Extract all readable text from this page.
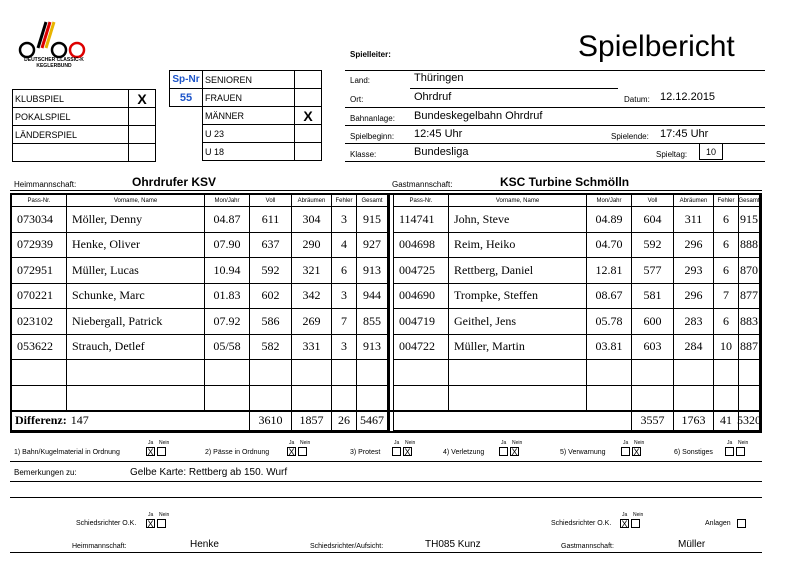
DEUTSCHER CLASSIC-K
KEGLERBUND
Spielbericht
Spielleiter:
Land:	Thüringen
Ort:	Ohrdruf	Datum: 12.12.2015
Bahnanlage: Bundeskegelbahn Ohrdruf
Spielbeginn: 12:45 Uhr	Spielende: 17:45 Uhr
Klasse:	Bundesliga	Spieltag:	10
KLUBSPIEL	X
POKALSPIEL
LÄNDERSPIEL
Sp-Nr
55
SENIOREN
FRAUEN
MÄNNER	X
U 23
U 18
Heimmannschaft:	Ohrdrufer KSV	Gastmannschaft:	KSC Turbine Schmölln
Pass-Nr.	Vorname, Name	Mon/Jahr	Voll	Abräumen	Fehler	Gesamt	Pass-Nr.	Vorname, Name	Mon/Jahr	Voll	Abräumen	Fehler Gesamt
073034	Möller, Denny	04.87	611	304	3	915	114741	John, Steve	04.89	604	311	6 915
072939	Henke, Oliver	07.90	637	290	4	927	004698	Reim, Heiko	04.70	592	296	6 888
072951	Müller, Lucas	10.94	592	321	6	913	004725	Rettberg, Daniel	12.81	577	293	6 870
070221	Schunke, Marc	01.83	602	342	3	944	004690	Trompke, Steffen	08.67	581	296	7 877
023102	Niebergall, Patrick	07.92	586	269	7	855	004719	Geithel, Jens	05.78	600	283	6 883
053622	Strauch, Detlef	05/58	582	331	3	913	004722	Müller, Martin	03.81	603	284	10 887
Differenz: 147	3610	1857	26 5467	3557	1763	41 5320
1) Bahn/Kugelmaterial in Ordnung
Ja
X
Nein
2) Pässe in Ordnung
Ja
X
Nein
3) Protest
Ja Nein
X	4) Verletzung
Ja Nein
X	5) Verwarnung
Ja Nein
X	6) Sonstiges
Ja Nein
Bemerkungen zu:	Gelbe Karte: Rettberg ab 150. Wurf
Schiedsrichter O.K.
Ja Nein
X	Schiedsrichter O.K.
Ja Nein
X	Anlagen
Heimmannschaft:	Henke	Schiedsrichter/Aufsicht:	TH085 Kunz	Gastmannschaft:	Müller
